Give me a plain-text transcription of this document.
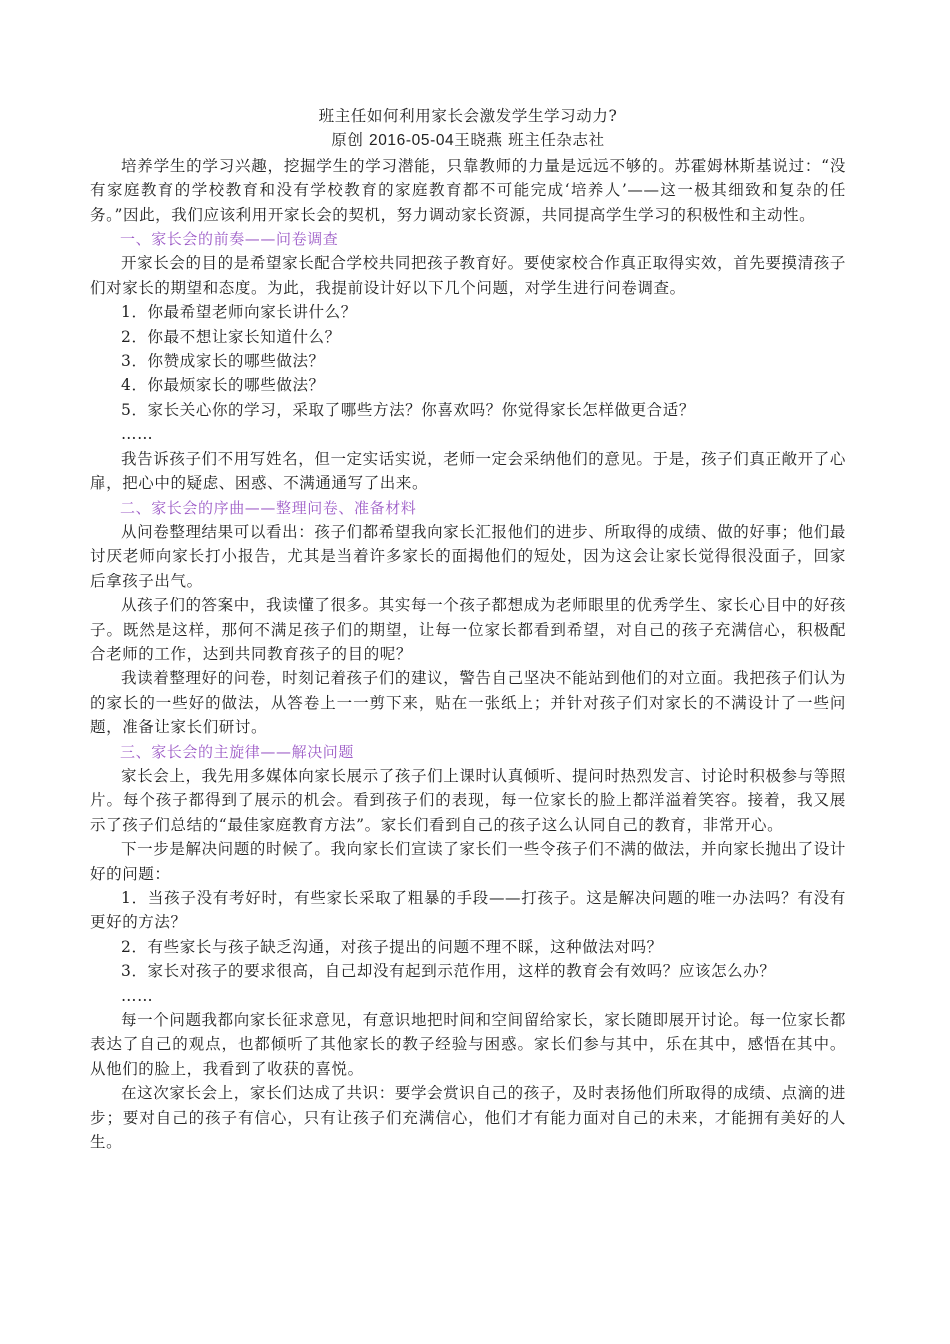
班主任如何利用家长会激发学生学习动力?

原创 2016-05-04王晓燕 班主任杂志社

培养学生的学习兴趣，挖掘学生的学习潜能，只靠教师的力量是远远不够的。苏霍姆林斯基说过：“没有家庭教育的学校教育和没有学校教育的家庭教育都不可能完成‘培养人’——这一极其细致和复杂的任务。”因此，我们应该利用开家长会的契机，努力调动家长资源，共同提高学生学习的积极性和主动性。

一、家长会的前奏——问卷调查

开家长会的目的是希望家长配合学校共同把孩子教育好。要使家校合作真正取得实效，首先要摸清孩子们对家长的期望和态度。为此，我提前设计好以下几个问题，对学生进行问卷调查。

1．你最希望老师向家长讲什么？

2．你最不想让家长知道什么？

3．你赞成家长的哪些做法？

4．你最烦家长的哪些做法？

5．家长关心你的学习，采取了哪些方法？你喜欢吗？你觉得家长怎样做更合适？

……

我告诉孩子们不用写姓名，但一定实话实说，老师一定会采纳他们的意见。于是，孩子们真正敞开了心扉，把心中的疑虑、困惑、不满通通写了出来。

二、家长会的序曲——整理问卷、准备材料

从问卷整理结果可以看出：孩子们都希望我向家长汇报他们的进步、所取得的成绩、做的好事；他们最讨厌老师向家长打小报告，尤其是当着许多家长的面揭他们的短处，因为这会让家长觉得很没面子，回家后拿孩子出气。

从孩子们的答案中，我读懂了很多。其实每一个孩子都想成为老师眼里的优秀学生、家长心目中的好孩子。既然是这样，那何不满足孩子们的期望，让每一位家长都看到希望，对自己的孩子充满信心，积极配合老师的工作，达到共同教育孩子的目的呢？

我读着整理好的问卷，时刻记着孩子们的建议，警告自己坚决不能站到他们的对立面。我把孩子们认为的家长的一些好的做法，从答卷上一一剪下来，贴在一张纸上；并针对孩子们对家长的不满设计了一些问题，准备让家长们研讨。

三、家长会的主旋律——解决问题

家长会上，我先用多媒体向家长展示了孩子们上课时认真倾听、提问时热烈发言、讨论时积极参与等照片。每个孩子都得到了展示的机会。看到孩子们的表现，每一位家长的脸上都洋溢着笑容。接着，我又展示了孩子们总结的“最佳家庭教育方法”。家长们看到自己的孩子这么认同自己的教育，非常开心。

下一步是解决问题的时候了。我向家长们宣读了家长们一些令孩子们不满的做法，并向家长抛出了设计好的问题：

1．当孩子没有考好时，有些家长采取了粗暴的手段——打孩子。这是解决问题的唯一办法吗？有没有更好的方法？

2．有些家长与孩子缺乏沟通，对孩子提出的问题不理不睬，这种做法对吗？

3．家长对孩子的要求很高，自己却没有起到示范作用，这样的教育会有效吗？应该怎么办？

……

每一个问题我都向家长征求意见，有意识地把时间和空间留给家长，家长随即展开讨论。每一位家长都表达了自己的观点，也都倾听了其他家长的教子经验与困惑。家长们参与其中，乐在其中，感悟在其中。从他们的脸上，我看到了收获的喜悦。

在这次家长会上，家长们达成了共识：要学会赏识自己的孩子，及时表扬他们所取得的成绩、点滴的进步；要对自己的孩子有信心，只有让孩子们充满信心，他们才有能力面对自己的未来，才能拥有美好的人生。
